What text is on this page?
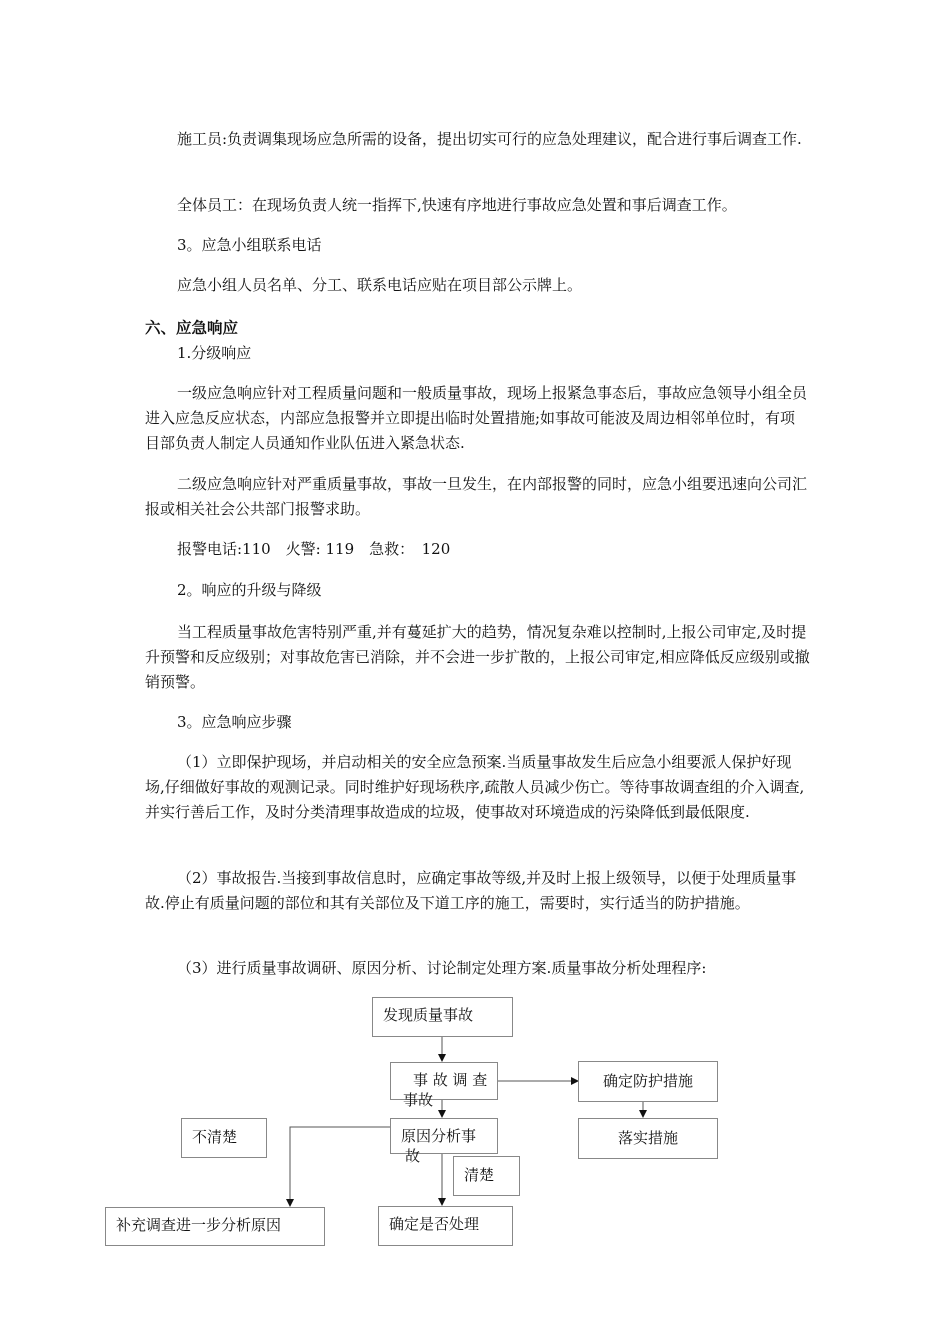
施工员:负责调集现场应急所需的设备，提出切实可行的应急处理建议，配合进行事后调查工作.

全体员工：在现场负责人统一指挥下,快速有序地进行事故应急处置和事后调查工作。

3。应急小组联系电话

应急小组人员名单、分工、联系电话应贴在项目部公示牌上。

六、应急响应

1.分级响应

一级应急响应针对工程质量问题和一般质量事故，现场上报紧急事态后，事故应急领导小组全员进入应急反应状态，内部应急报警并立即提出临时处置措施;如事故可能波及周边相邻单位时，有项目部负责人制定人员通知作业队伍进入紧急状态.

二级应急响应针对严重质量事故，事故一旦发生，在内部报警的同时，应急小组要迅速向公司汇报或相关社会公共部门报警求助。

报警电话:110　火警: 119　急救：　120

2。响应的升级与降级

当工程质量事故危害特别严重,并有蔓延扩大的趋势，情况复杂难以控制时,上报公司审定,及时提升预警和反应级别；对事故危害已消除，并不会进一步扩散的，上报公司审定,相应降低反应级别或撤销预警。

3。应急响应步骤

（1）立即保护现场，并启动相关的安全应急预案.当质量事故发生后应急小组要派人保护好现场,仔细做好事故的观测记录。同时维护好现场秩序,疏散人员减少伤亡。等待事故调查组的介入调查,并实行善后工作，及时分类清理事故造成的垃圾，使事故对环境造成的污染降低到最低限度.

（2）事故报告.当接到事故信息时，应确定事故等级,并及时上报上级领导，以便于处理质量事故.停止有质量问题的部位和其有关部位及下道工序的施工，需要时，实行适当的防护措施。

（3）进行质量事故调研、原因分析、讨论制定处理方案.质量事故分析处理程序:

发现质量事故
事 故 调 查
事故
确定防护措施
落实措施
不清楚	原因分析事
故
清楚
补充调查进一步分析原因	确定是否处理
